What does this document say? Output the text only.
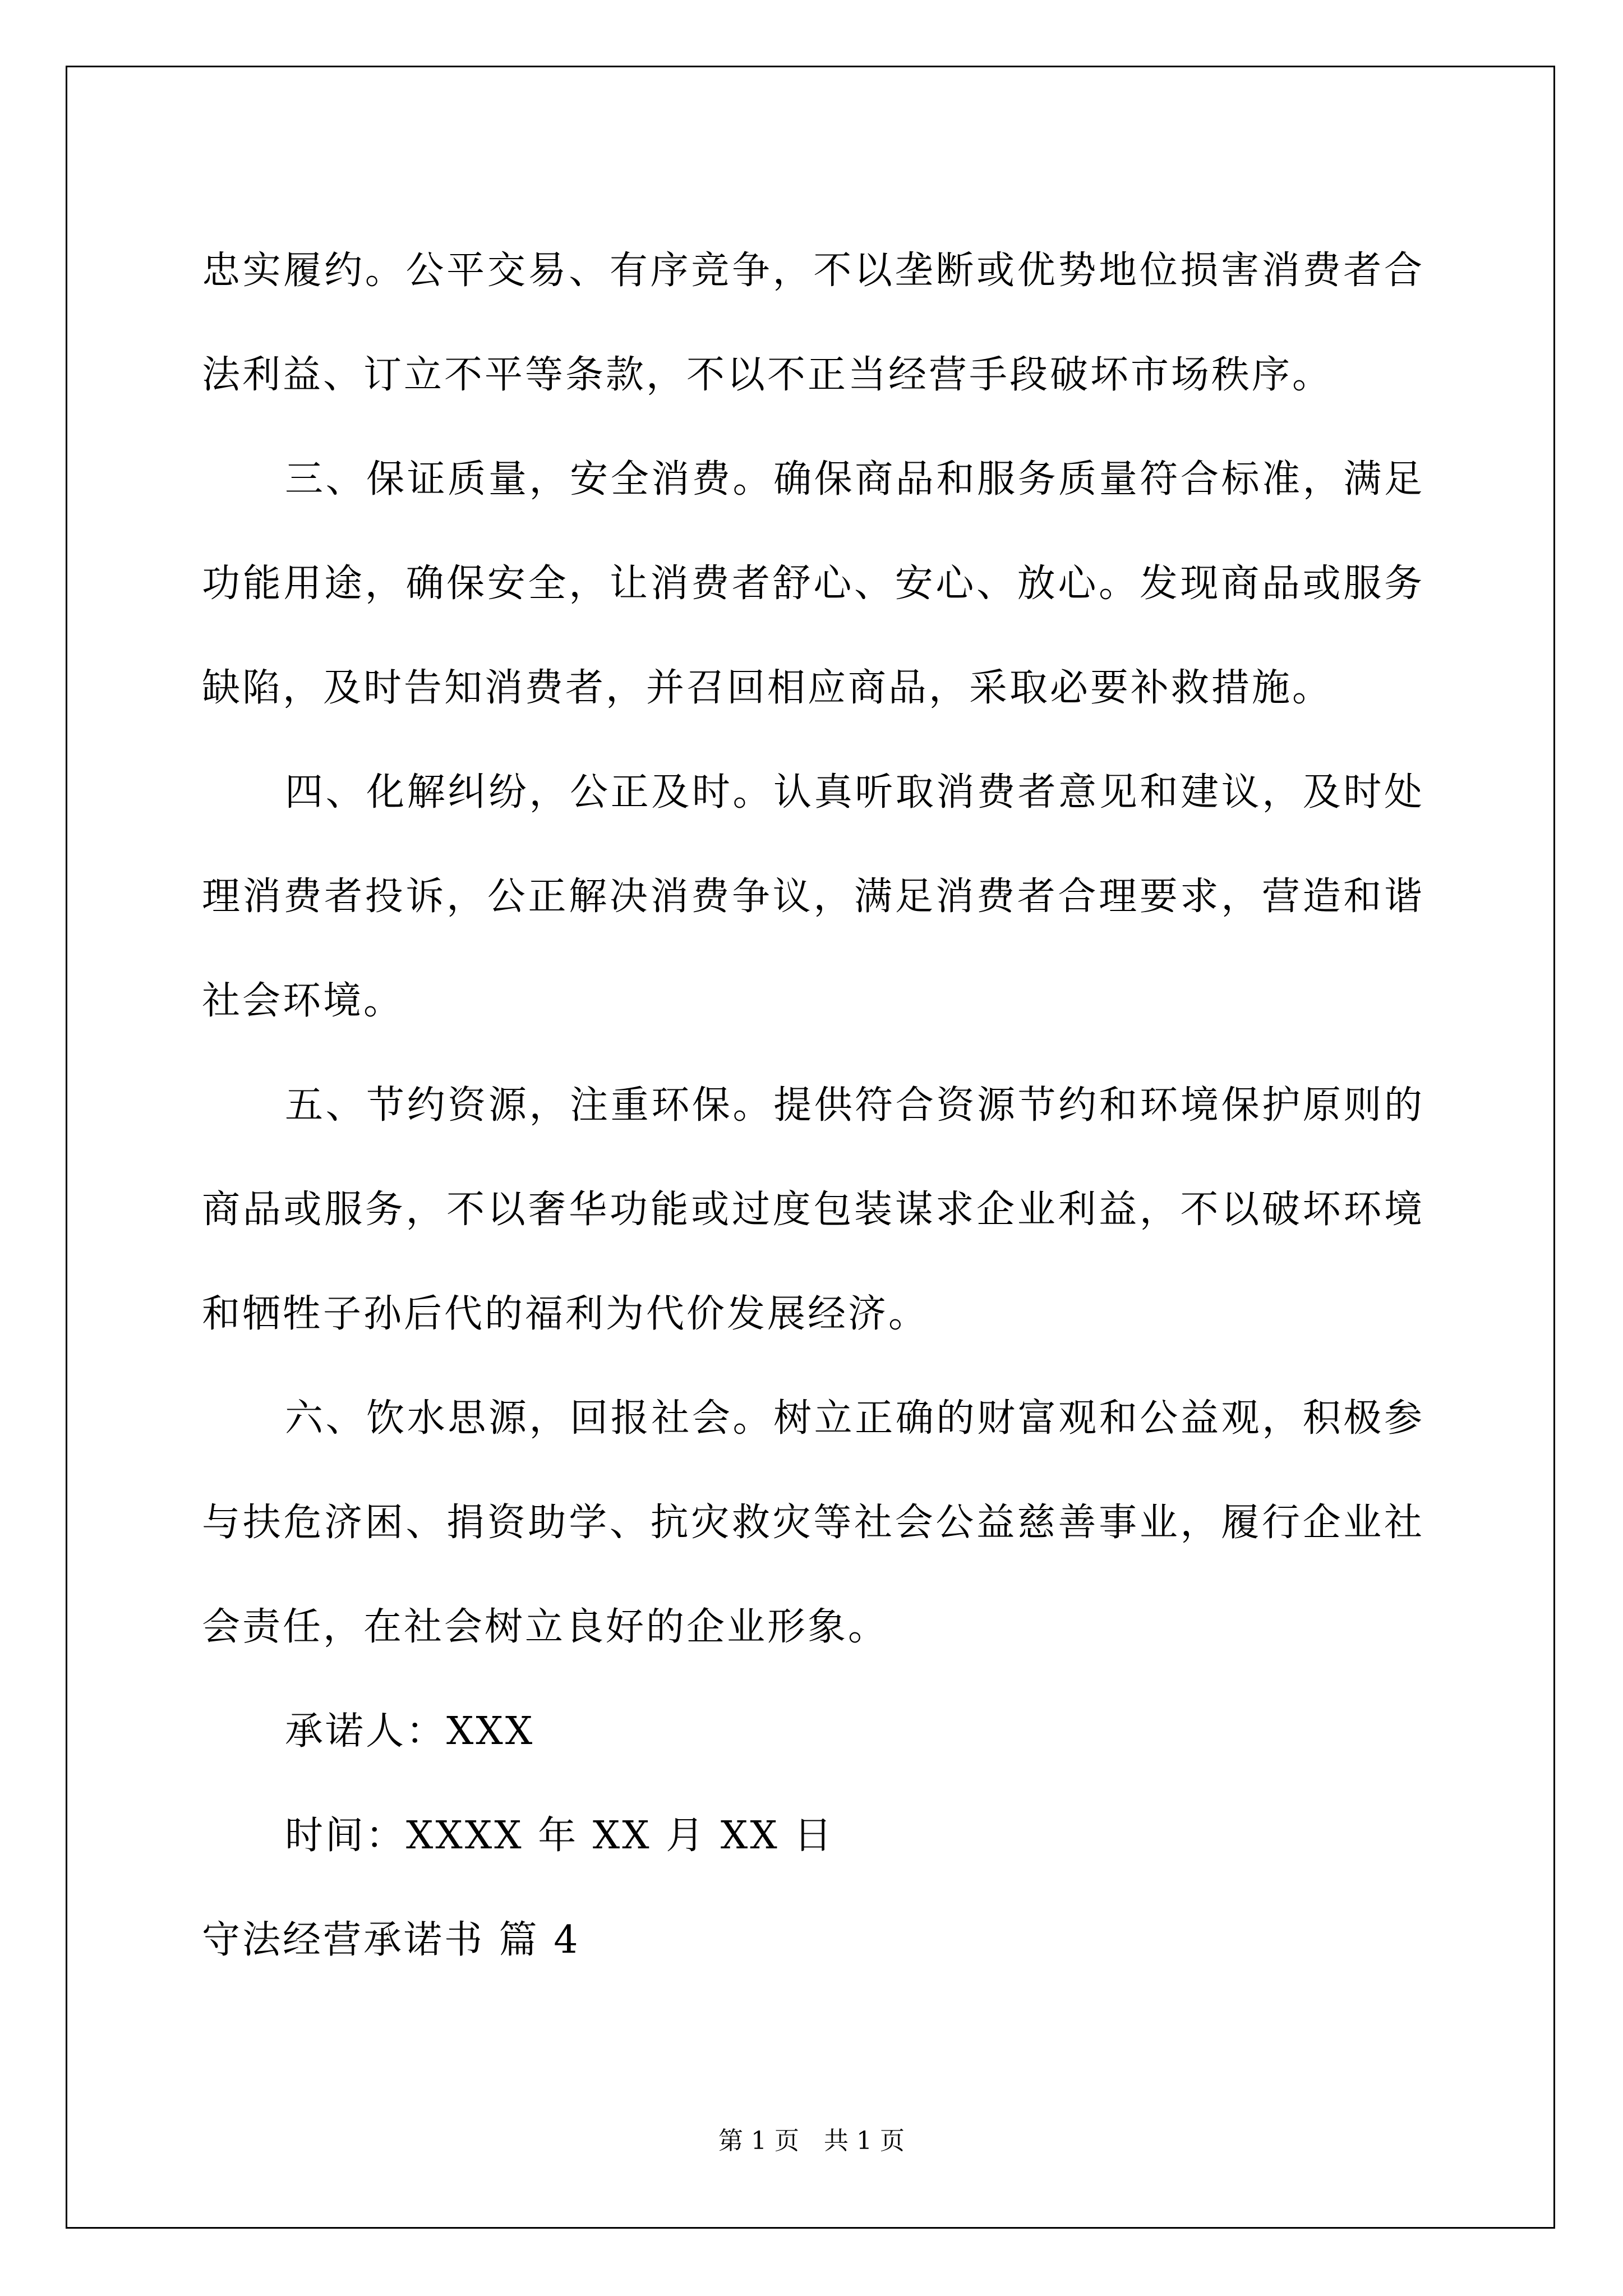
忠实履约。公平交易、有序竞争，不以垄断或优势地位损害消费者合法利益、订立不平等条款，不以不正当经营手段破坏市场秩序。

三、保证质量，安全消费。确保商品和服务质量符合标准，满足功能用途，确保安全，让消费者舒心、安心、放心。发现商品或服务缺陷，及时告知消费者，并召回相应商品，采取必要补救措施。

四、化解纠纷，公正及时。认真听取消费者意见和建议，及时处理消费者投诉，公正解决消费争议，满足消费者合理要求，营造和谐社会环境。

五、节约资源，注重环保。提供符合资源节约和环境保护原则的商品或服务，不以奢华功能或过度包装谋求企业利益，不以破坏环境和牺牲子孙后代的福利为代价发展经济。

六、饮水思源，回报社会。树立正确的财富观和公益观，积极参与扶危济困、捐资助学、抗灾救灾等社会公益慈善事业，履行企业社会责任，在社会树立良好的企业形象。

承诺人：XXX

时间：XXXX 年 XX 月 XX 日

守法经营承诺书 篇 4

第 1 页　共 1 页
